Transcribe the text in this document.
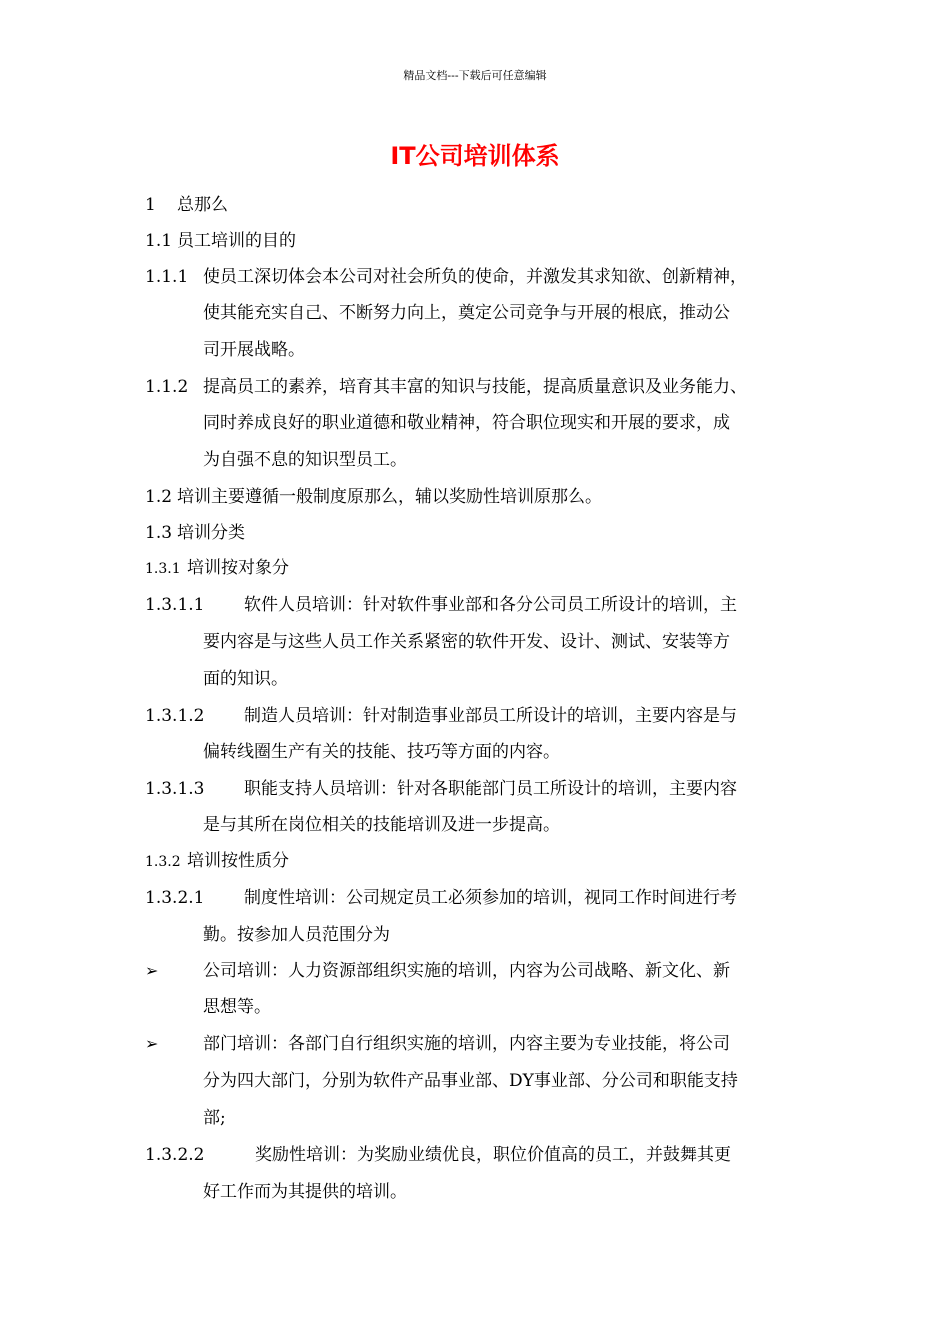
精品文档---下载后可任意编辑
IT公司培训体系
1 总那么
1.1 员工培训的目的
1.1.1 使员工深切体会本公司对社会所负的使命，并激发其求知欲、创新精神，
使其能充实自己、不断努力向上，奠定公司竞争与开展的根底，推动公
司开展战略。
1.1.2 提高员工的素养，培育其丰富的知识与技能，提高质量意识及业务能力、
同时养成良好的职业道德和敬业精神，符合职位现实和开展的要求，成
为自强不息的知识型员工。
1.2 培训主要遵循一般制度原那么，辅以奖励性培训原那么。
1.3 培训分类
1.3.1 培训按对象分
1.3.1.1 软件人员培训：针对软件事业部和各分公司员工所设计的培训，主
要内容是与这些人员工作关系紧密的软件开发、设计、测试、安装等方
面的知识。
1.3.1.2 制造人员培训：针对制造事业部员工所设计的培训，主要内容是与
偏转线圈生产有关的技能、技巧等方面的内容。
1.3.1.3 职能支持人员培训：针对各职能部门员工所设计的培训，主要内容
是与其所在岗位相关的技能培训及进一步提高。
1.3.2 培训按性质分
1.3.2.1 制度性培训：公司规定员工必须参加的培训，视同工作时间进行考
勤。按参加人员范围分为
➢	公司培训：人力资源部组织实施的培训，内容为公司战略、新文化、新
思想等。
➢	部门培训：各部门自行组织实施的培训，内容主要为专业技能，将公司
分为四大部门，分别为软件产品事业部、DY事业部、分公司和职能支持
部;
1.3.2.2	奖励性培训：为奖励业绩优良，职位价值高的员工，并鼓舞其更
好工作而为其提供的培训。
